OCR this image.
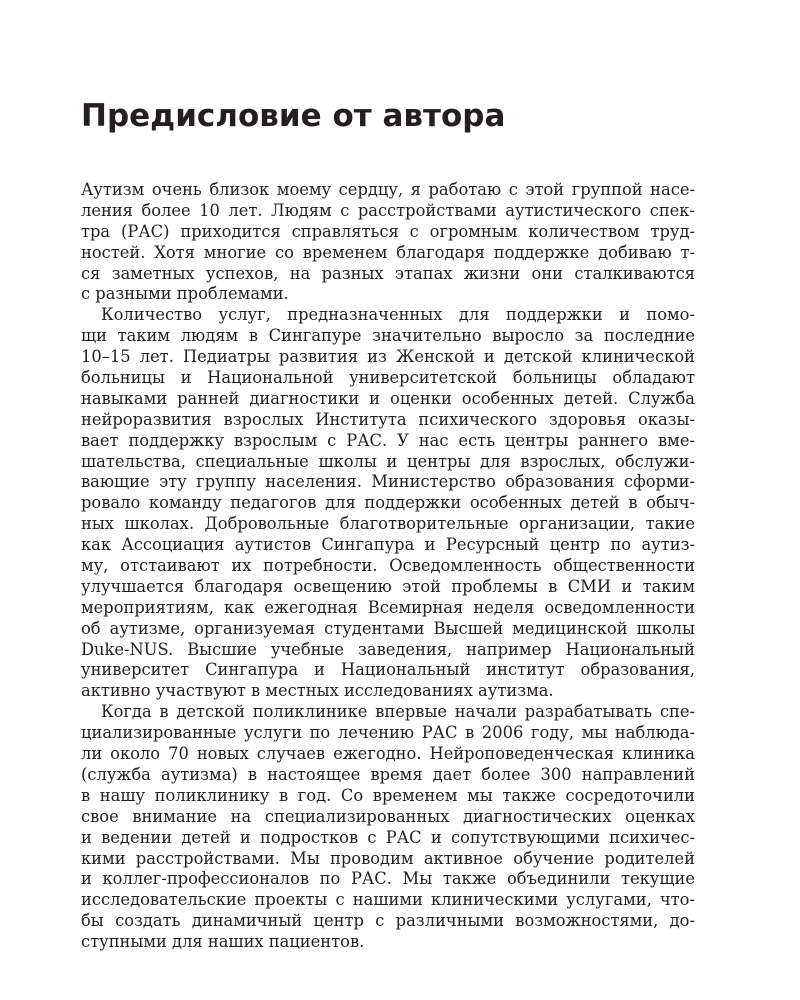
Предисловие от автора

Аутизм очень близок моему сердцу, я работаю с этой группой насе-
ления более 10 лет. Людям с расстройствами аутистического спек-
тра (РАС) приходится справляться с огромным количеством труд-
ностей. Хотя многие со временем благодаря поддержке добиваю т-
ся заметных успехов, на разных этапах жизни они сталкиваются
с разными проблемами.

Количество услуг, предназначенных для поддержки и помо-
щи таким людям в Сингапуре значительно выросло за последние
10–15 лет. Педиатры развития из Женской и детской клинической
больницы и Национальной университетской больницы обладают
навыками ранней диагностики и оценки особенных детей. Служба
нейроразвития взрослых Института психического здоровья оказы-
вает поддержку взрослым с РАС. У нас есть центры раннего вме-
шательства, специальные школы и центры для взрослых, обслужи-
вающие эту группу населения. Министерство образования сформи-
ровало команду педагогов для поддержки особенных детей в обыч-
ных школах. Добровольные благотворительные организации, такие
как Ассоциация аутистов Сингапура и Ресурсный центр по аутиз-
му, отстаивают их потребности. Осведомленность общественности
улучшается благодаря освещению этой проблемы в СМИ и таким
мероприятиям, как ежегодная Всемирная неделя осведомленности
об аутизме, организуемая студентами Высшей медицинской школы
Duke-NUS. Высшие учебные заведения, например Национальный
университет Сингапура и Национальный институт образования,
активно участвуют в местных исследованиях аутизма.

Когда в детской поликлинике впервые начали разрабатывать спе-
циализированные услуги по лечению РАС в 2006 году, мы наблюда-
ли около 70 новых случаев ежегодно. Нейроповеденческая клиника
(служба аутизма) в настоящее время дает более 300 направлений
в нашу поликлинику в год. Со временем мы также сосредоточили
свое внимание на специализированных диагностических оценках
и ведении детей и подростков с РАС и сопутствующими психичес-
кими расстройствами. Мы проводим активное обучение родителей
и коллег-профессионалов по РАС. Мы также объединили текущие
исследовательские проекты с нашими клиническими услугами, что-
бы создать динамичный центр с различными возможностями, до-
ступными для наших пациентов.
